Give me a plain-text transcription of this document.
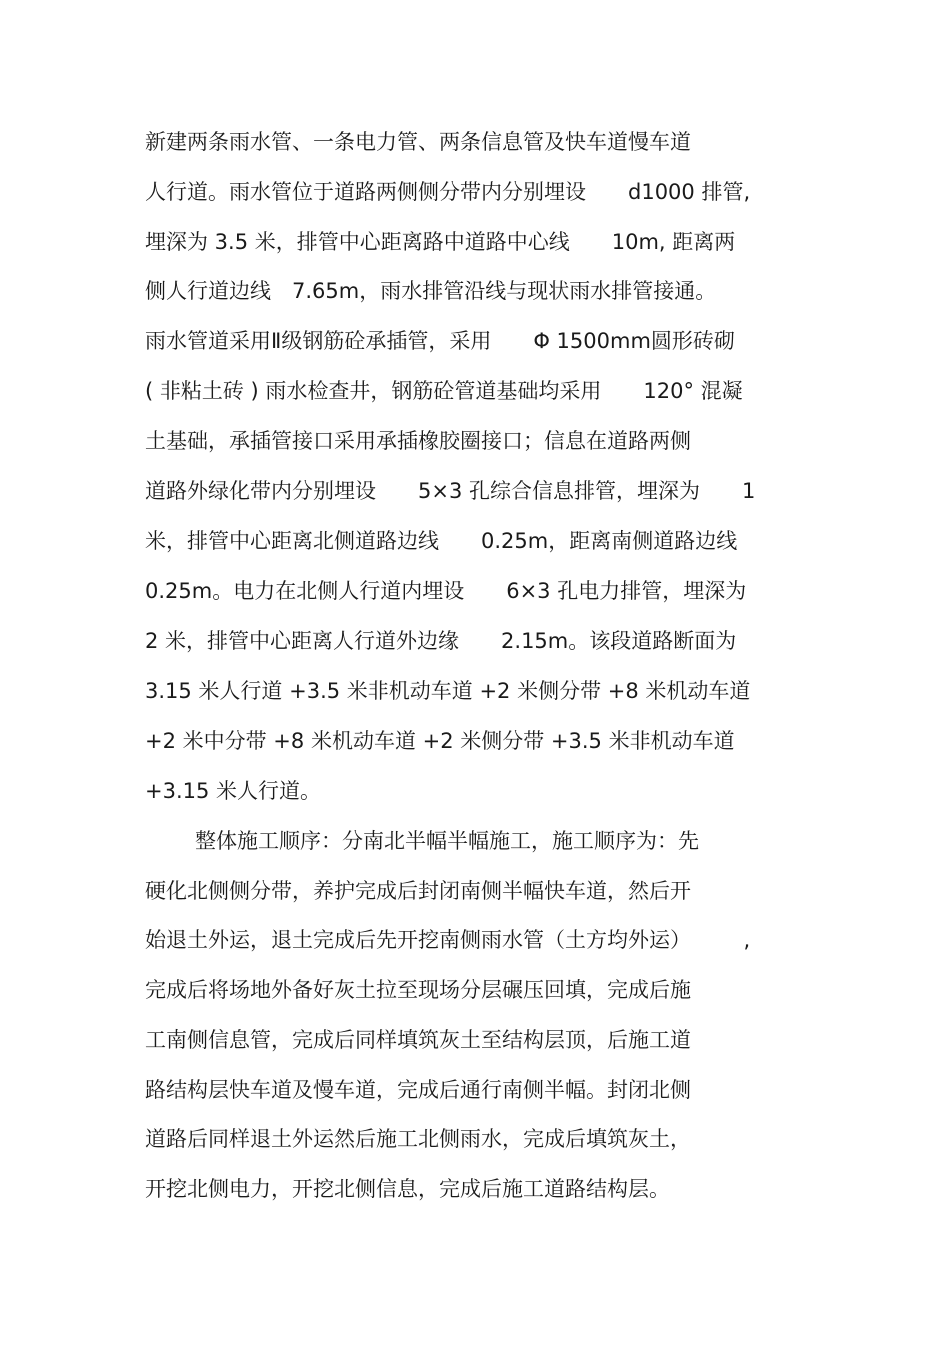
新建两条雨水管、一条电力管、两条信息管及快车道慢车道
人行道。雨水管位于道路两侧侧分带内分别埋设　　d1000 排管,
埋深为 3.5 米，排管中心距离路中道路中心线　　10m, 距离两
侧人行道边线　7.65m，雨水排管沿线与现状雨水排管接通。
雨水管道采用Ⅱ级钢筋砼承插管，采用　　Φ 1500mm圆形砖砌
( 非粘土砖 ) 雨水检查井，钢筋砼管道基础均采用　　120° 混凝
土基础，承插管接口采用承插橡胶圈接口；信息在道路两侧
道路外绿化带内分别埋设　　5×3 孔综合信息排管，埋深为　　1
米，排管中心距离北侧道路边线　　0.25m，距离南侧道路边线
0.25m。电力在北侧人行道内埋设　　6×3 孔电力排管，埋深为
2 米，排管中心距离人行道外边缘　　2.15m。该段道路断面为
3.15 米人行道 +3.5 米非机动车道 +2 米侧分带 +8 米机动车道
+2 米中分带 +8 米机动车道 +2 米侧分带 +3.5 米非机动车道
+3.15 米人行道。
整体施工顺序：分南北半幅半幅施工，施工顺序为：先
硬化北侧侧分带，养护完成后封闭南侧半幅快车道，然后开
始退土外运，退土完成后先开挖南侧雨水管（土方均外运）　　　,
完成后将场地外备好灰土拉至现场分层碾压回填，完成后施
工南侧信息管，完成后同样填筑灰土至结构层顶，后施工道
路结构层快车道及慢车道，完成后通行南侧半幅。封闭北侧
道路后同样退土外运然后施工北侧雨水，完成后填筑灰土，
开挖北侧电力，开挖北侧信息，完成后施工道路结构层。
